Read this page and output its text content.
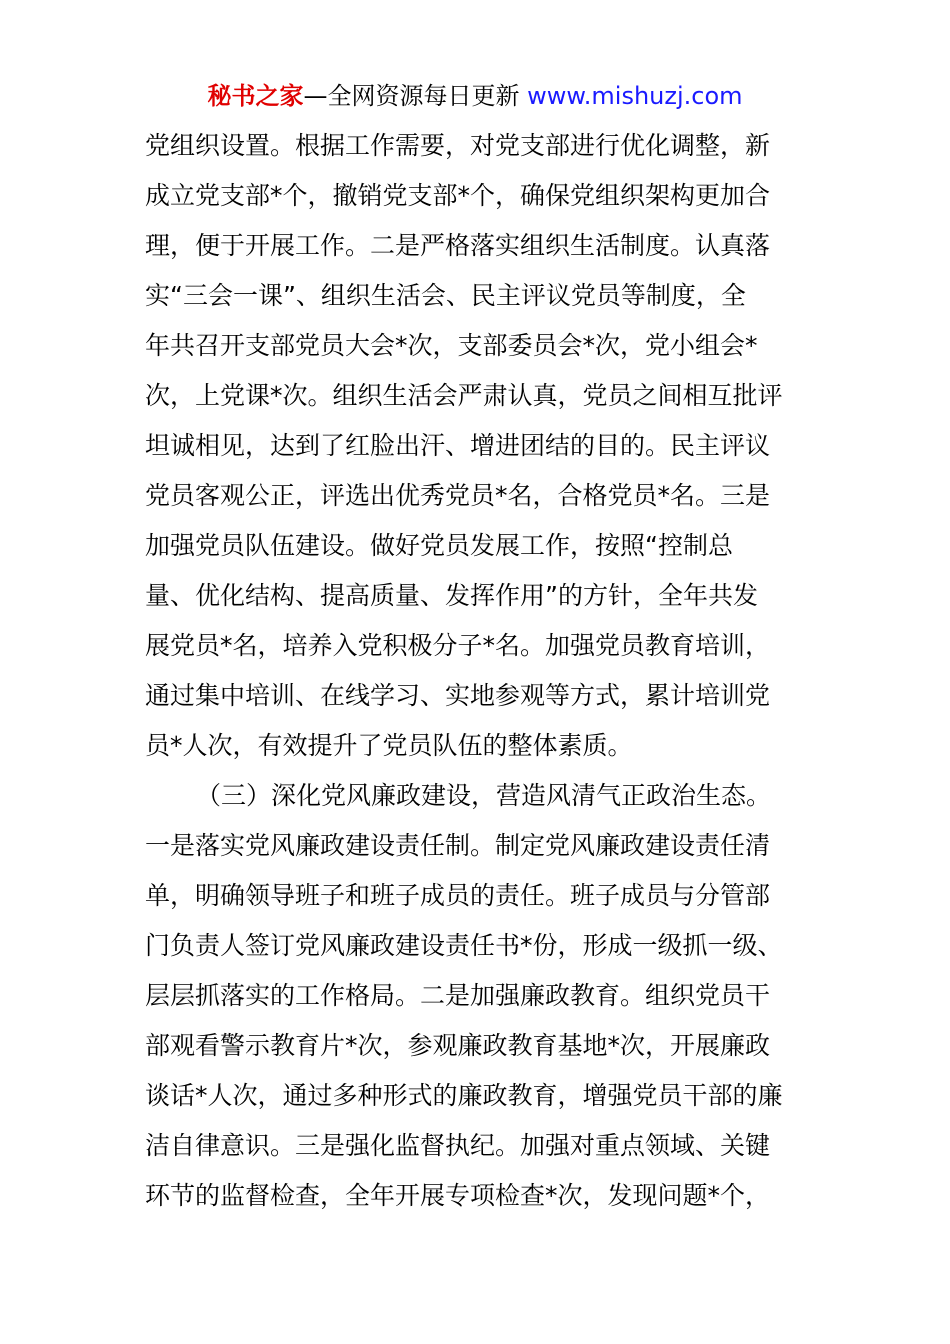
秘书之家—全网资源每日更新 www.mishuzj.com
党组织设置。根据工作需要，对党支部进行优化调整，新
成立党支部*个，撤销党支部*个，确保党组织架构更加合
理，便于开展工作。二是严格落实组织生活制度。认真落
实“三会一课”、组织生活会、民主评议党员等制度，全
年共召开支部党员大会*次，支部委员会*次，党小组会*
次，上党课*次。组织生活会严肃认真，党员之间相互批评
坦诚相见，达到了红脸出汗、增进团结的目的。民主评议
党员客观公正，评选出优秀党员*名，合格党员*名。三是
加强党员队伍建设。做好党员发展工作，按照“控制总
量、优化结构、提高质量、发挥作用”的方针，全年共发
展党员*名，培养入党积极分子*名。加强党员教育培训，
通过集中培训、在线学习、实地参观等方式，累计培训党
员*人次，有效提升了党员队伍的整体素质。
（三）深化党风廉政建设，营造风清气正政治生态。
一是落实党风廉政建设责任制。制定党风廉政建设责任清
单，明确领导班子和班子成员的责任。班子成员与分管部
门负责人签订党风廉政建设责任书*份，形成一级抓一级、
层层抓落实的工作格局。二是加强廉政教育。组织党员干
部观看警示教育片*次，参观廉政教育基地*次，开展廉政
谈话*人次，通过多种形式的廉政教育，增强党员干部的廉
洁自律意识。三是强化监督执纪。加强对重点领域、关键
环节的监督检查，全年开展专项检查*次，发现问题*个，
